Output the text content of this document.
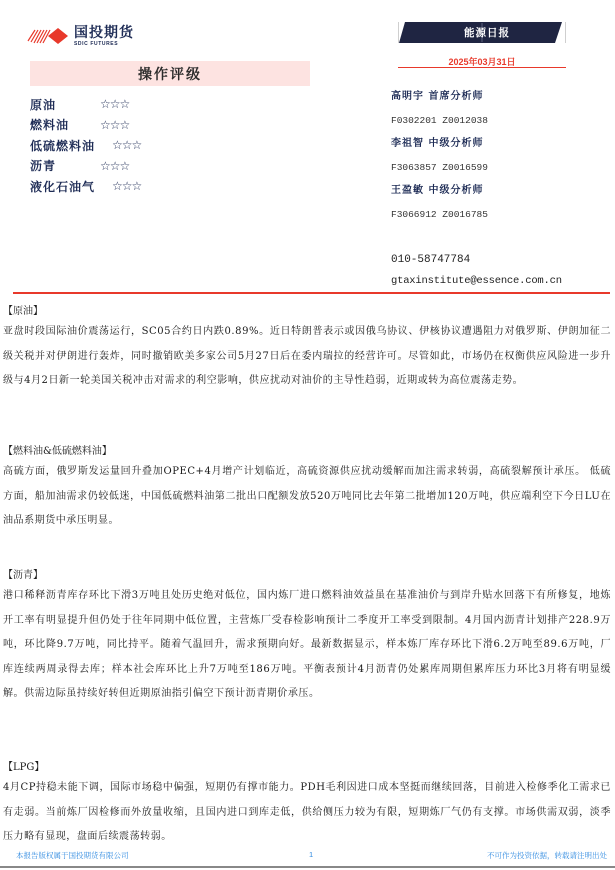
国投期货
SDIC FUTURES
操作评级
原油	☆☆☆
燃料油	☆☆☆
低硫燃料油	☆☆☆
沥青	☆☆☆
液化石油气	☆☆☆
能源日报
2025年03月31日
高明宇 首席分析师
F0302201 Z0012038
李祖智 中级分析师
F3063857 Z0016599
王盈敏 中级分析师
F3066912 Z0016785
010-58747784
gtaxinstitute@essence.com.cn
【原油】
亚盘时段国际油价震荡运行，SC05合约日内跌0.89%。近日特朗普表示或因俄乌协议、伊核协议遭遇阻力对俄罗斯、伊朗加征二级关税并对伊朗进行轰炸，同时撤销欧美多家公司5月27日后在委内瑞拉的经营许可。尽管如此，市场仍在权衡供应风险进一步升级与4月2日新一轮美国关税冲击对需求的利空影响，供应扰动对油价的主导性趋弱，近期或转为高位震荡走势。
【燃料油&低硫燃料油】
高硫方面，俄罗斯发运量回升叠加OPEC+4月增产计划临近，高硫资源供应扰动缓解而加注需求转弱，高硫裂解预计承压。 低硫方面，船加油需求仍较低迷，中国低硫燃料油第二批出口配额发放520万吨同比去年第二批增加120万吨，供应端利空下今日LU在油品系期货中承压明显。
【沥青】
港口稀释沥青库存环比下滑3万吨且处历史绝对低位，国内炼厂进口燃料油效益虽在基准油价与到岸升贴水回落下有所修复，地炼开工率有明显提升但仍处于往年同期中低位置，主营炼厂受春检影响预计二季度开工率受到限制。4月国内沥青计划排产228.9万吨，环比降9.7万吨，同比持平。随着气温回升，需求预期向好。最新数据显示，样本炼厂库存环比下滑6.2万吨至89.6万吨，厂库连续两周录得去库；样本社会库环比上升7万吨至186万吨。平衡表预计4月沥青仍处累库周期但累库压力环比3月将有明显缓解。供需边际虽持续好转但近期原油指引偏空下预计沥青期价承压。
【LPG】
4月CP持稳未能下调，国际市场稳中偏强，短期仍有撑市能力。PDH毛利因进口成本坚挺而继续回落，目前进入检修季化工需求已有走弱。当前炼厂因检修而外放量收缩，且国内进口到库走低，供给侧压力较为有限，短期炼厂气仍有支撑。市场供需双弱，淡季压力略有显现，盘面后续震荡转弱。
本报告版权属于国投期货有限公司	1	不可作为投资依据，转载请注明出处
